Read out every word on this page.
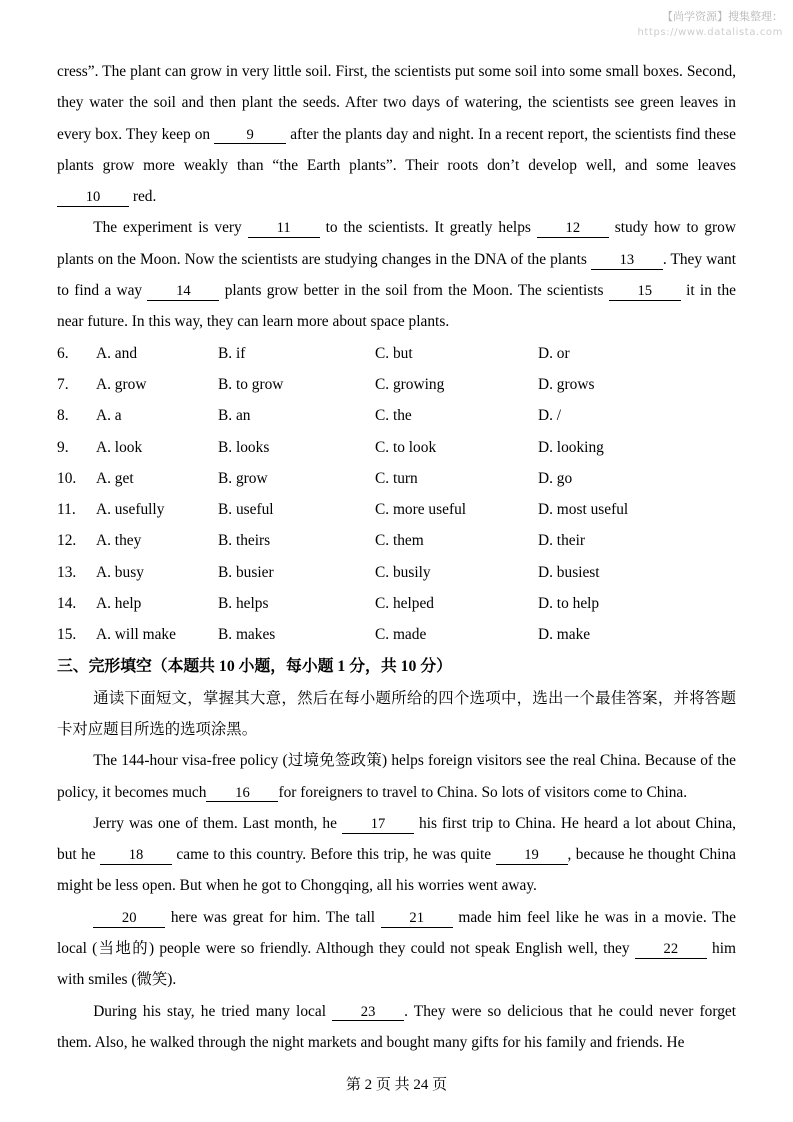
【尚学资源】搜集整理：
https://www.datalista.com

cress”. The plant can grow in very little soil. First, the scientists put some soil into some small boxes. Second, they water the soil and then plant the seeds. After two days of watering, the scientists see green leaves in every box. They keep on 9 after the plants day and night. In a recent report, the scientists find these plants grow more weakly than “the Earth plants”. Their roots don’t develop well, and some leaves 10 red.

The experiment is very 11 to the scientists. It greatly helps 12 study how to grow plants on the Moon. Now the scientists are studying changes in the DNA of the plants 13 . They want to find a way 14 plants grow better in the soil from the Moon. The scientists 15 it in the near future. In this way, they can learn more about space plants.

6. A. and	B. if	C. but	D. or
7. A. grow	B. to grow	C. growing	D. grows
8. A. a	B. an	C. the	D. /
9. A. look	B. looks	C. to look	D. looking
10. A. get	B. grow	C. turn	D. go
11. A. usefully	B. useful	C. more useful	D. most useful
12. A. they	B. theirs	C. them	D. their
13. A. busy	B. busier	C. busily	D. busiest
14. A. help	B. helps	C. helped	D. to help
15. A. will make	B. makes	C. made	D. make
三、完形填空（本题共 10 小题，每小题 1 分，共 10 分）

通读下面短文，掌握其大意，然后在每小题所给的四个选项中，选出一个最佳答案，并将答题卡对应题目所选的选项涂黑。

The 144-hour visa-free policy (过境免签政策) helps foreign visitors see the real China. Because of the policy, it becomes much 16 for foreigners to travel to China. So lots of visitors come to China.

Jerry was one of them. Last month, he 17 his first trip to China. He heard a lot about China, but he 18 came to this country. Before this trip, he was quite 19 , because he thought China might be less open. But when he got to Chongqing, all his worries went away.

20 here was great for him. The tall 21 made him feel like he was in a movie. The local (当地的) people were so friendly. Although they could not speak English well, they 22 him with smiles (微笑).

During his stay, he tried many local 23 . They were so delicious that he could never forget them. Also, he walked through the night markets and bought many gifts for his family and friends. He

第 2 页 共 24 页
